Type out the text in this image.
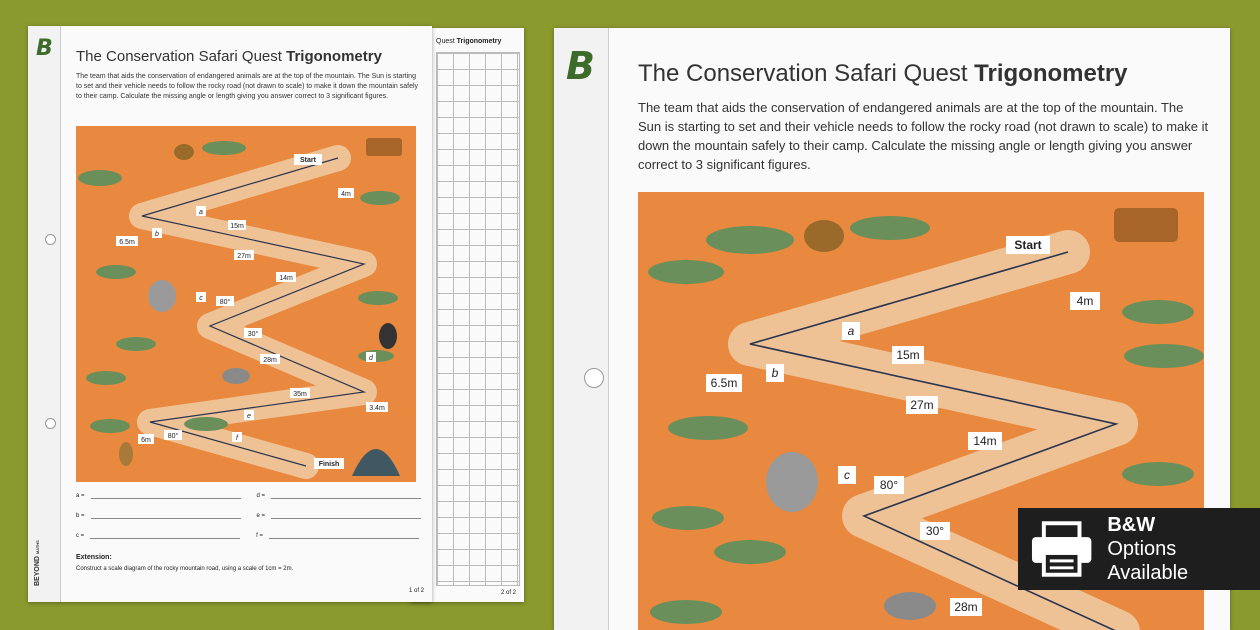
Quest Trigonometry
2 of 2
B
BEYOND MATHS
The Conservation Safari Quest Trigonometry
The team that aids the conservation of endangered animals are at the top of the mountain. The Sun is starting to set and their vehicle needs to follow the rocky road (not drawn to scale) to make it down the mountain safely to their camp. Calculate the missing angle or length giving you answer correct to 3 significant figures.
Start
4m
a
15m
6.5m
b
27m
14m
c
80°
30°
28m	d
35m
3.4m
e
6m
80°	f
Finish
a =	d =
b =	e =
c =	f =
Extension:
Construct a scale diagram of the rocky mountain road, using a scale of 1cm = 2m.
1 of 2
B The Conservation Safari Quest Trigonometry
The team that aids the conservation of endangered animals are at the top of the mountain. The Sun is starting to set and their vehicle needs to follow the rocky road (not drawn to scale) to make it down the mountain safely to their camp. Calculate the missing angle or length giving you answer correct to 3 significant figures.
Start
4m
a
15m
6.5m
b
27m
14m
c
80°
30°
28m
B&W
Options Available
